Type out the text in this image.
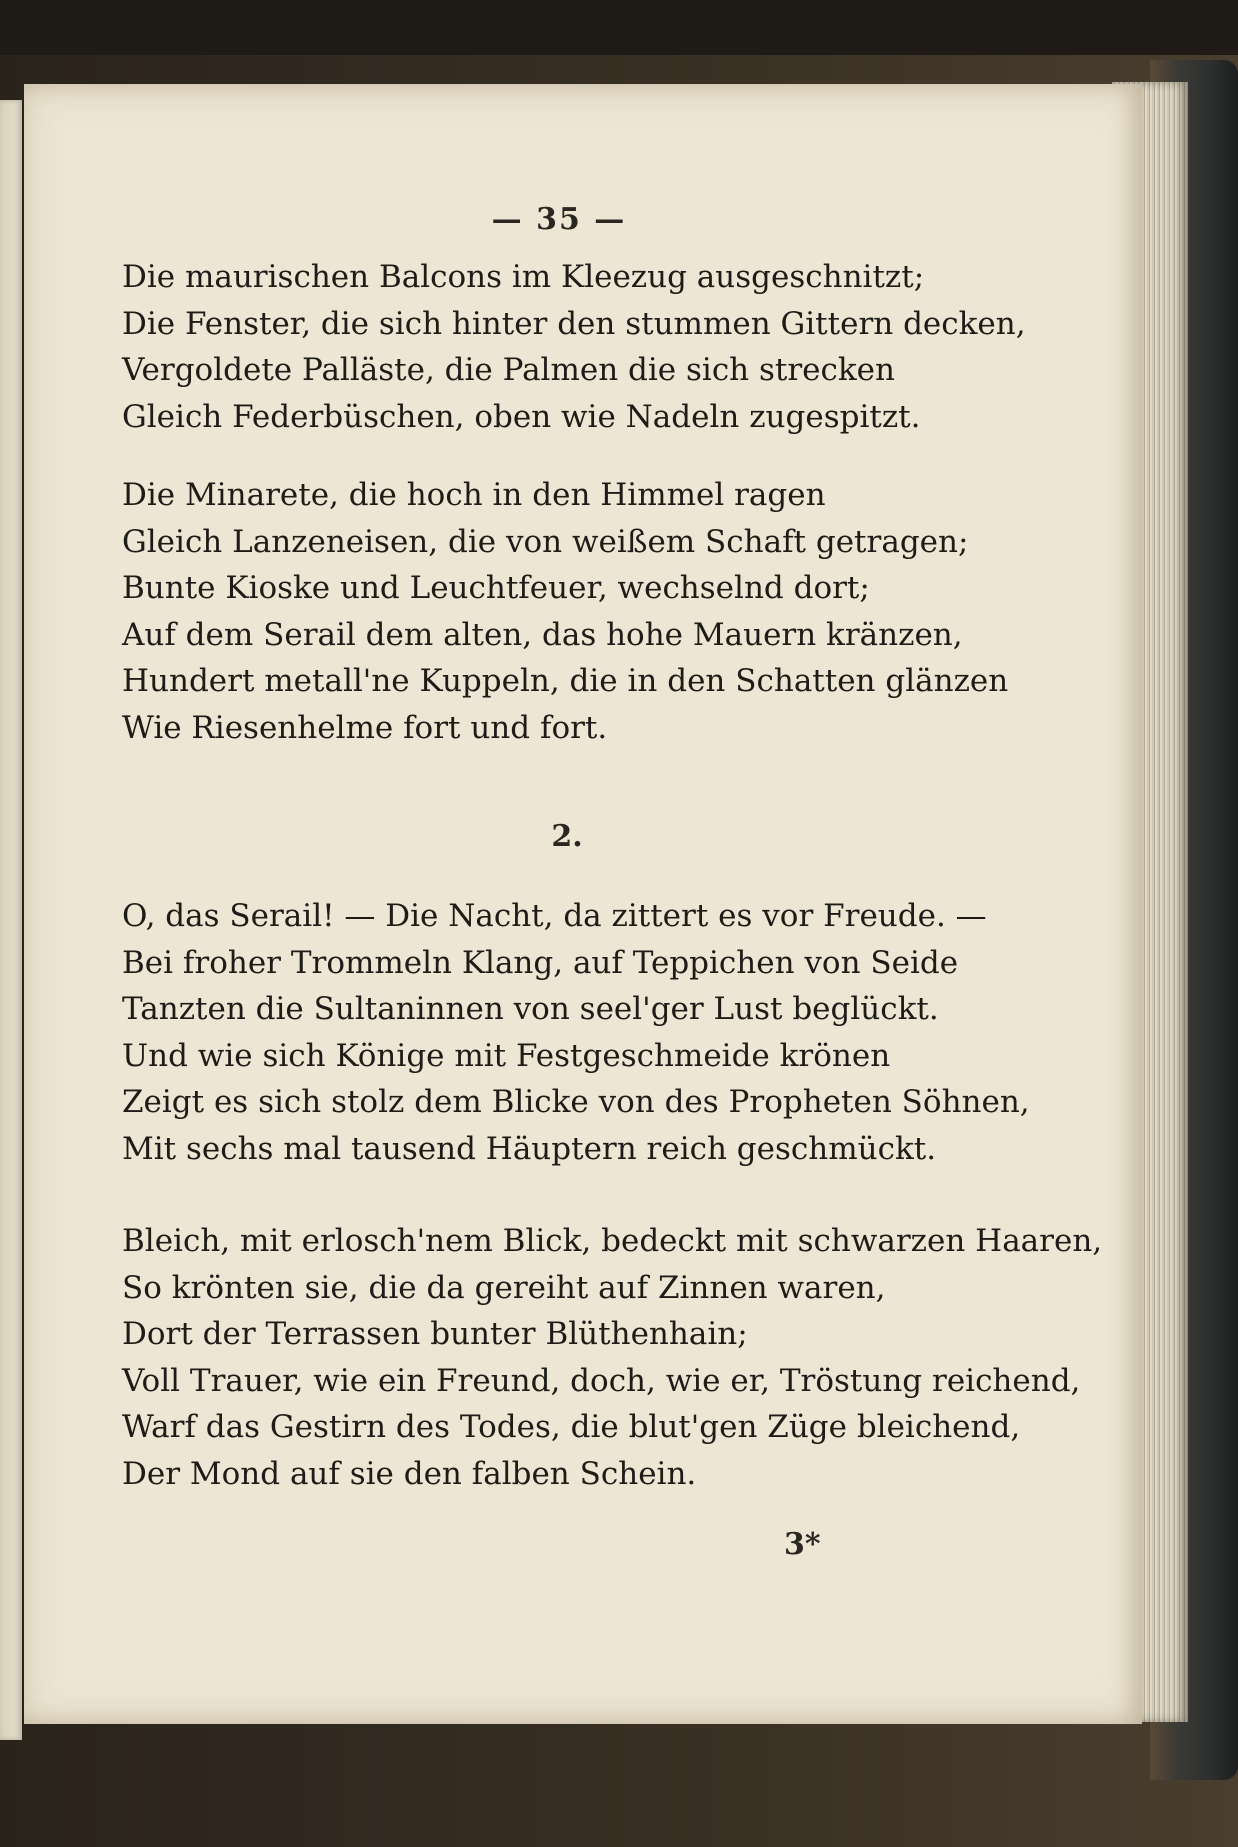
— 35 —
Die maurischen Balcons im Kleezug ausgeschnitzt;
Die Fenster, die sich hinter den stummen Gittern decken,
Vergoldete Palläste, die Palmen die sich strecken
Gleich Federbüschen, oben wie Nadeln zugespitzt.
Die Minarete, die hoch in den Himmel ragen
Gleich Lanzeneisen, die von weißem Schaft getragen;
Bunte Kioske und Leuchtfeuer, wechselnd dort;
Auf dem Serail dem alten, das hohe Mauern kränzen,
Hundert metall'ne Kuppeln, die in den Schatten glänzen
Wie Riesenhelme fort und fort.
O, das Serail! — Die Nacht, da zittert es vor Freude. —
Bei froher Trommeln Klang, auf Teppichen von Seide
Tanzten die Sultaninnen von seel'ger Lust beglückt.
Und wie sich Könige mit Festgeschmeide krönen
Zeigt es sich stolz dem Blicke von des Propheten Söhnen,
Mit sechs mal tausend Häuptern reich geschmückt.
Bleich, mit erlosch'nem Blick, bedeckt mit schwarzen Haaren,
So krönten sie, die da gereiht auf Zinnen waren,
Dort der Terrassen bunter Blüthenhain;
Voll Trauer, wie ein Freund, doch, wie er, Tröstung reichend,
Warf das Gestirn des Todes, die blut'gen Züge bleichend,
Der Mond auf sie den falben Schein.
2.
3*
